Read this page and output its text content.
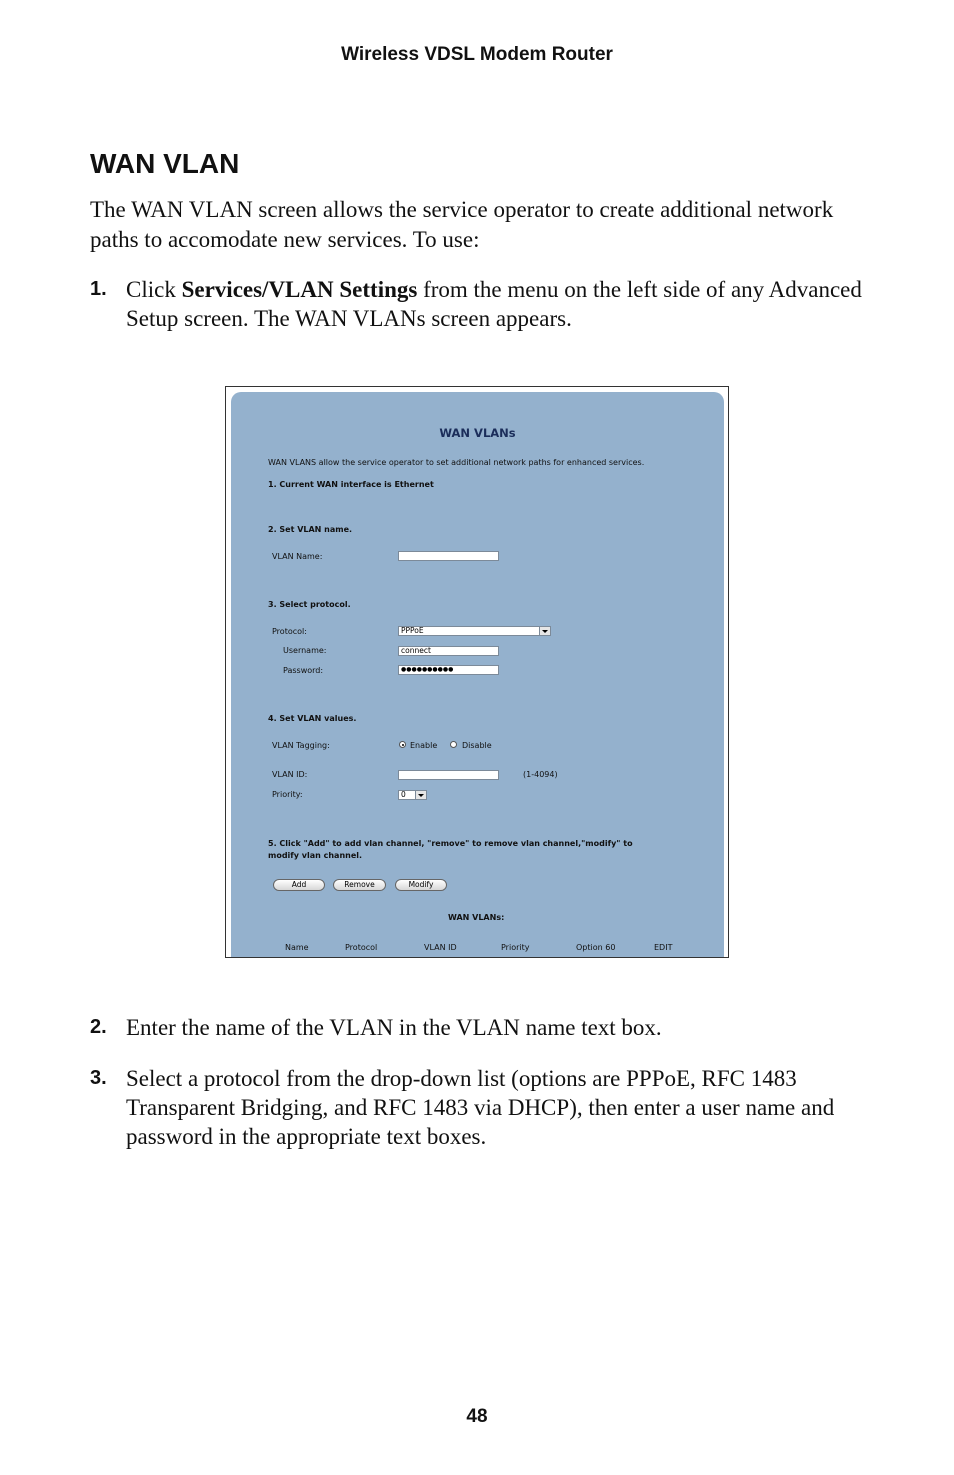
Wireless VDSL Modem Router
WAN VLAN
The WAN VLAN screen allows the service operator to create additional network paths to accomodate new services. To use:
1. Click Services/VLAN Settings from the menu on the left side of any Advanced Setup screen. The WAN VLANs screen appears.
WAN VLANs
WAN VLANS allow the service operator to set additional network paths for enhanced services.
1. Current WAN interface is Ethernet
2. Set VLAN name.
VLAN Name:
3. Select protocol.
Protocol:	PPPoE
Username:	connect
Password:	●●●●●●●●●●
4. Set VLAN values.
VLAN Tagging:	Enable	Disable
VLAN ID:	(1-4094)
Priority:	0
5. Click "Add" to add vlan channel, "remove" to remove vlan channel,"modify" to
modify vlan channel.
Add	Remove	Modify
WAN VLANs:
Name	Protocol	VLAN ID	Priority	Option 60	EDIT
2. Enter the name of the VLAN in the VLAN name text box.
3. Select a protocol from the drop-down list (options are PPPoE, RFC 1483 Transparent Bridging, and RFC 1483 via DHCP), then enter a user name and password in the appropriate text boxes.
48
